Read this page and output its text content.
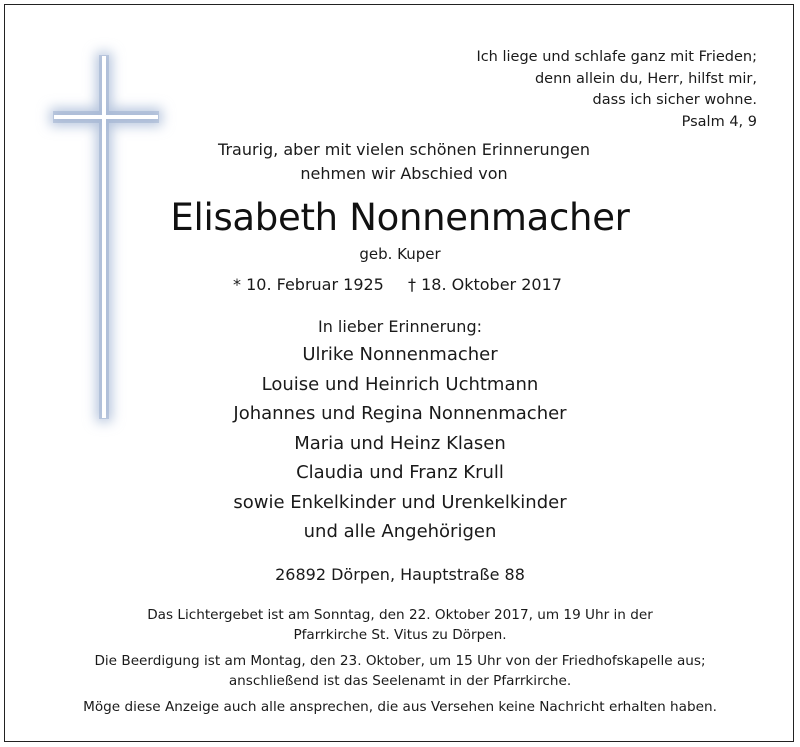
Ich liege und schlafe ganz mit Frieden;
denn allein du, Herr, hilfst mir,
dass ich sicher wohne.
Psalm 4, 9
Traurig, aber mit vielen schönen Erinnerungen
nehmen wir Abschied von
Elisabeth Nonnenmacher
geb. Kuper
* 10. Februar 1925 † 18. Oktober 2017
In lieber Erinnerung:
Ulrike Nonnenmacher
Louise und Heinrich Uchtmann
Johannes und Regina Nonnenmacher
Maria und Heinz Klasen
Claudia und Franz Krull
sowie Enkelkinder und Urenkelkinder
und alle Angehörigen
26892 Dörpen, Hauptstraße 88

Das Lichtergebet ist am Sonntag, den 22. Oktober 2017, um 19 Uhr in der

Pfarrkirche St. Vitus zu Dörpen.

Die Beerdigung ist am Montag, den 23. Oktober, um 15 Uhr von der Friedhofskapelle aus;

anschließend ist das Seelenamt in der Pfarrkirche.

Möge diese Anzeige auch alle ansprechen, die aus Versehen keine Nachricht erhalten haben.
